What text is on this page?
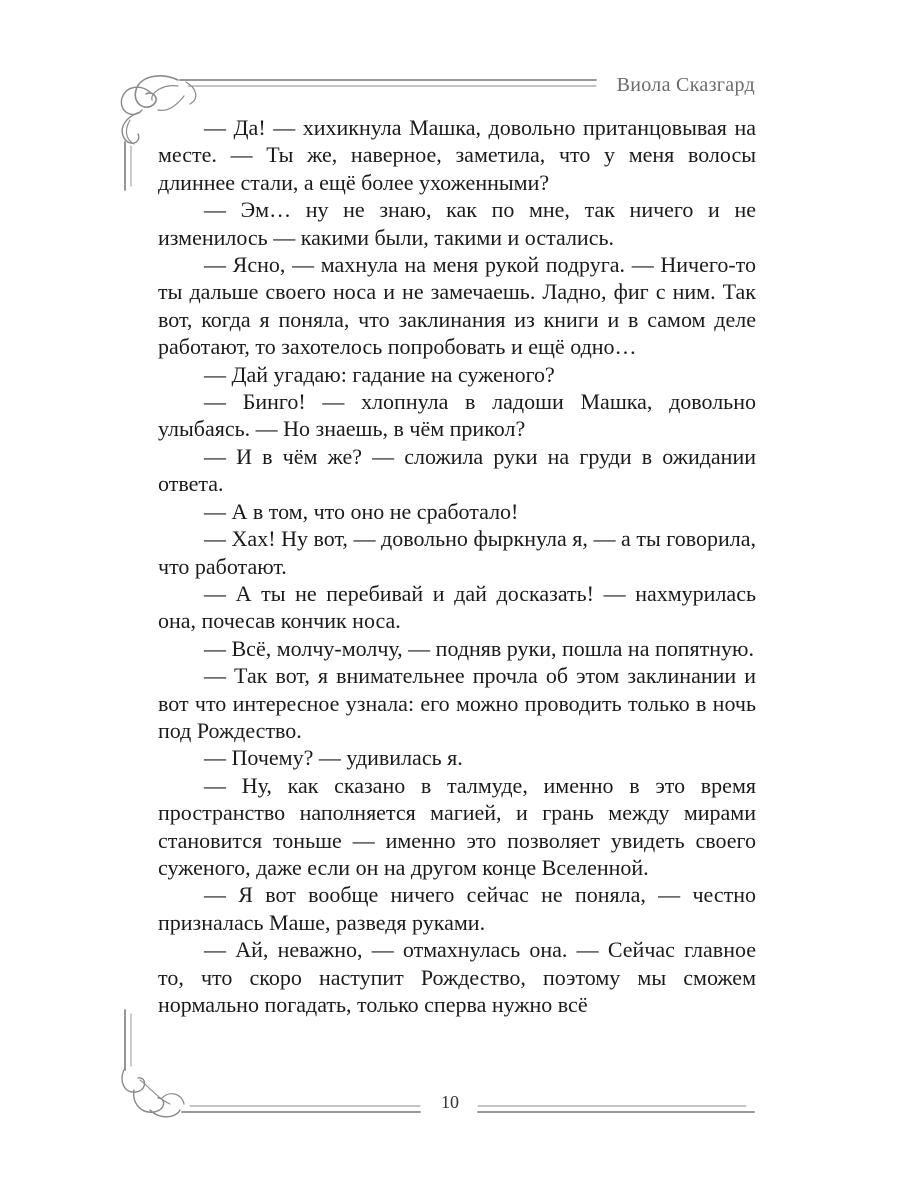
Виола Сказгард

— Да! — хихикнула Машка, довольно пританцовывая на месте. — Ты же, наверное, заметила, что у меня волосы длиннее стали, а ещё более ухоженными?

— Эм… ну не знаю, как по мне, так ничего и не изменилось — какими были, такими и остались.

— Ясно, — махнула на меня рукой подруга. — Ничего-то ты дальше своего носа и не замечаешь. Ладно, фиг с ним. Так вот, когда я поняла, что заклинания из книги и в самом деле работают, то захотелось попробовать и ещё одно…

— Дай угадаю: гадание на суженого?

— Бинго! — хлопнула в ладоши Машка, довольно улыбаясь. — Но знаешь, в чём прикол?

— И в чём же? — сложила руки на груди в ожидании ответа.

— А в том, что оно не сработало!

— Хах! Ну вот, — довольно фыркнула я, — а ты говорила, что работают.

— А ты не перебивай и дай досказать! — нахмурилась она, почесав кончик носа.

— Всё, молчу-молчу, — подняв руки, пошла на попятную.

— Так вот, я внимательнее прочла об этом заклинании и вот что интересное узнала: его можно проводить только в ночь под Рождество.

— Почему? — удивилась я.

— Ну, как сказано в талмуде, именно в это время пространство наполняется магией, и грань между мирами становится тоньше — именно это позволяет увидеть своего суженого, даже если он на другом конце Вселенной.

— Я вот вообще ничего сейчас не поняла, — честно призналась Маше, разведя руками.

— Ай, неважно, — отмахнулась она. — Сейчас главное то, что скоро наступит Рождество, поэтому мы сможем нормально погадать, только сперва нужно всё

10
